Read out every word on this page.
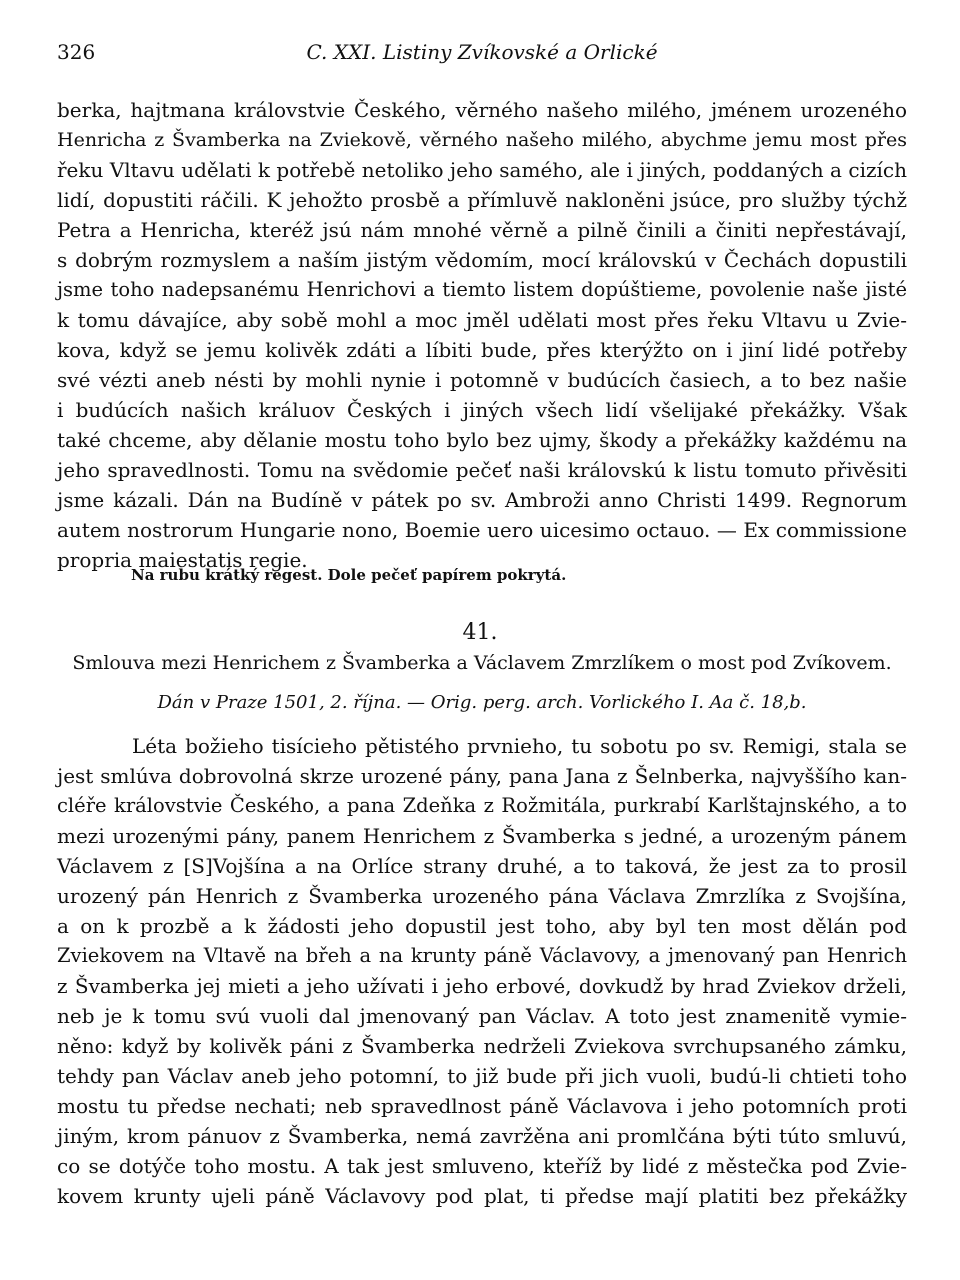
326	C. XXI. Listiny Zvíkovské a Orlické
berka, hajtmana královstvie Českého, věrného našeho milého, jménem urozeného
Henricha z Švamberka na Zviekově, věrného našeho milého, abychme jemu most přes
řeku Vltavu udělati k potřebě netoliko jeho samého, ale i jiných, poddaných a cizích
lidí, dopustiti ráčili. K jehožto prosbě a přímluvě nakloněni jsúce, pro služby týchž
Petra a Henricha, kteréž jsú nám mnohé věrně a pilně činili a činiti nepřestávají,
s dobrým rozmyslem a naším jistým vědomím, mocí královskú v Čechách dopustili
jsme toho nadepsanému Henrichovi a tiemto listem dopúštieme, povolenie naše jisté
k tomu dávajíce, aby sobě mohl a moc jměl udělati most přes řeku Vltavu u Zvie-
kova, když se jemu kolivěk zdáti a líbiti bude, přes kterýžto on i jiní lidé potřeby
své vézti aneb nésti by mohli nynie i potomně v budúcích časiech, a to bez našie
i budúcích našich králuov Českých i jiných všech lidí všelijaké překážky. Však
také chceme, aby dělanie mostu toho bylo bez ujmy, škody a překážky každému na
jeho spravedlnosti. Tomu na svědomie pečeť naši královskú k listu tomuto přivěsiti
jsme kázali. Dán na Budíně v pátek po sv. Ambroži anno Christi 1499. Regnorum
autem nostrorum Hungarie nono, Boemie uero uicesimo octauo. — Ex commissione
propria maiestatis regie.
Na rubu krátký regest. Dole pečeť papírem pokrytá.
41.
Smlouva mezi Henrichem z Švamberka a Václavem Zmrzlíkem o most pod Zvíkovem.
Dán v Praze 1501, 2. října. — Orig. perg. arch. Vorlického I. Aa č. 18,b.
Léta božieho tisícieho pětistého prvnieho, tu sobotu po sv. Remigi, stala se
jest smlúva dobrovolná skrze urozené pány, pana Jana z Šelnberka, najvyššího kan-
cléře královstvie Českého, a pana Zdeňka z Rožmitála, purkrabí Karlštajnského, a to
mezi urozenými pány, panem Henrichem z Švamberka s jedné, a urozeným pánem
Václavem z [S]Vojšína a na Orlíce strany druhé, a to taková, že jest za to prosil
urozený pán Henrich z Švamberka urozeného pána Václava Zmrzlíka z Svojšína,
a on k prozbě a k žádosti jeho dopustil jest toho, aby byl ten most dělán pod
Zviekovem na Vltavě na břeh a na krunty páně Václavovy, a jmenovaný pan Henrich
z Švamberka jej mieti a jeho užívati i jeho erbové, dovkudž by hrad Zviekov drželi,
neb je k tomu svú vuoli dal jmenovaný pan Václav. A toto jest znamenitě vymie-
něno: když by kolivěk páni z Švamberka nedrželi Zviekova svrchupsaného zámku,
tehdy pan Václav aneb jeho potomní, to již bude při jich vuoli, budú-li chtieti toho
mostu tu předse nechati; neb spravedlnost páně Václavova i jeho potomních proti
jiným, krom pánuov z Švamberka, nemá zavržěna ani promlčána býti túto smluvú,
co se dotýče toho mostu. A tak jest smluveno, kteříž by lidé z městečka pod Zvie-
kovem krunty ujeli páně Václavovy pod plat, ti předse mají platiti bez překážky
